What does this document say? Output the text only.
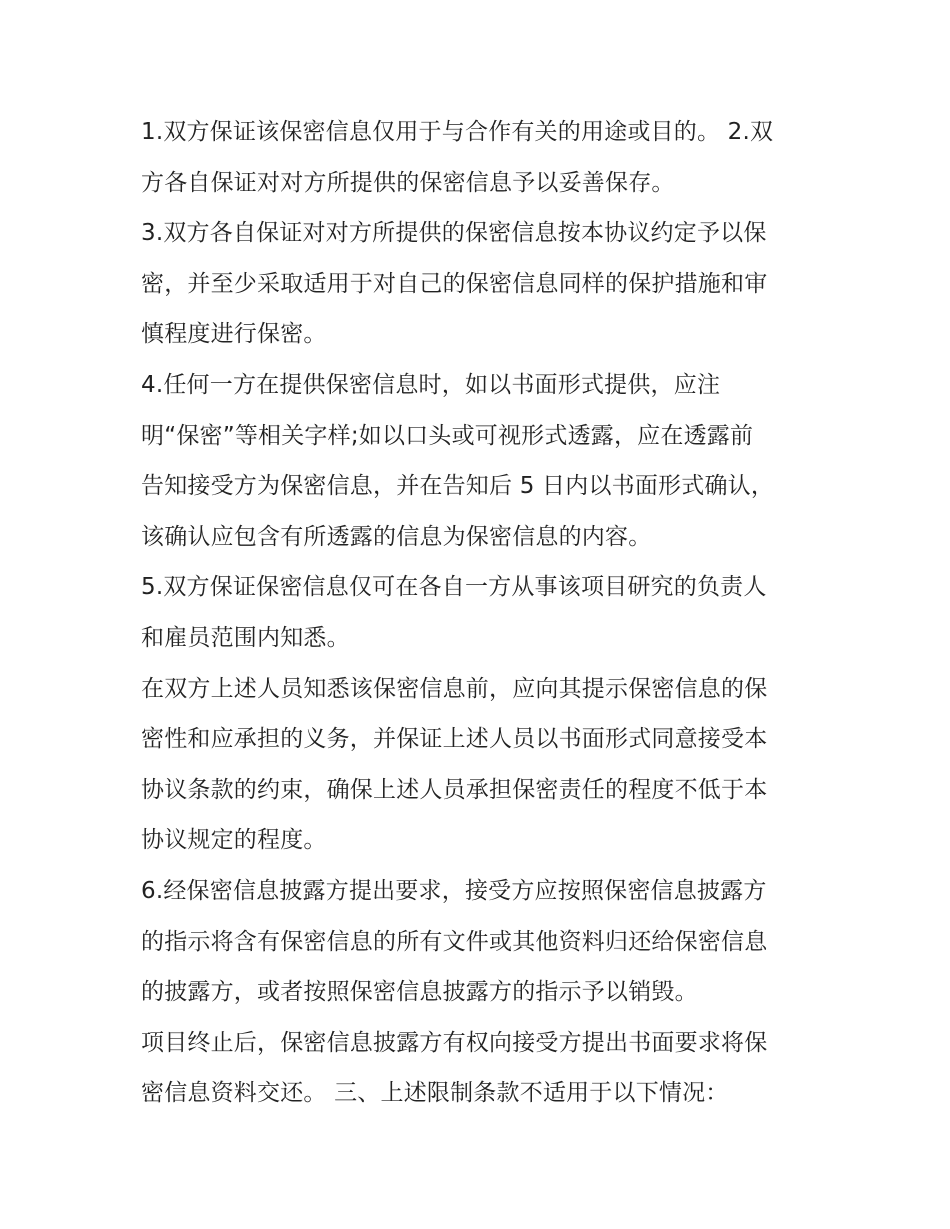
1.双方保证该保密信息仅用于与合作有关的用途或目的。 2.双
方各自保证对对方所提供的保密信息予以妥善保存。

3.双方各自保证对对方所提供的保密信息按本协议约定予以保
密，并至少采取适用于对自己的保密信息同样的保护措施和审
慎程度进行保密。

4.任何一方在提供保密信息时，如以书面形式提供，应注
明“保密”等相关字样;如以口头或可视形式透露，应在透露前
告知接受方为保密信息，并在告知后 5 日内以书面形式确认，
该确认应包含有所透露的信息为保密信息的内容。

5.双方保证保密信息仅可在各自一方从事该项目研究的负责人
和雇员范围内知悉。

在双方上述人员知悉该保密信息前，应向其提示保密信息的保
密性和应承担的义务，并保证上述人员以书面形式同意接受本
协议条款的约束，确保上述人员承担保密责任的程度不低于本
协议规定的程度。

6.经保密信息披露方提出要求，接受方应按照保密信息披露方
的指示将含有保密信息的所有文件或其他资料归还给保密信息
的披露方，或者按照保密信息披露方的指示予以销毁。

项目终止后，保密信息披露方有权向接受方提出书面要求将保
密信息资料交还。 三、上述限制条款不适用于以下情况：
